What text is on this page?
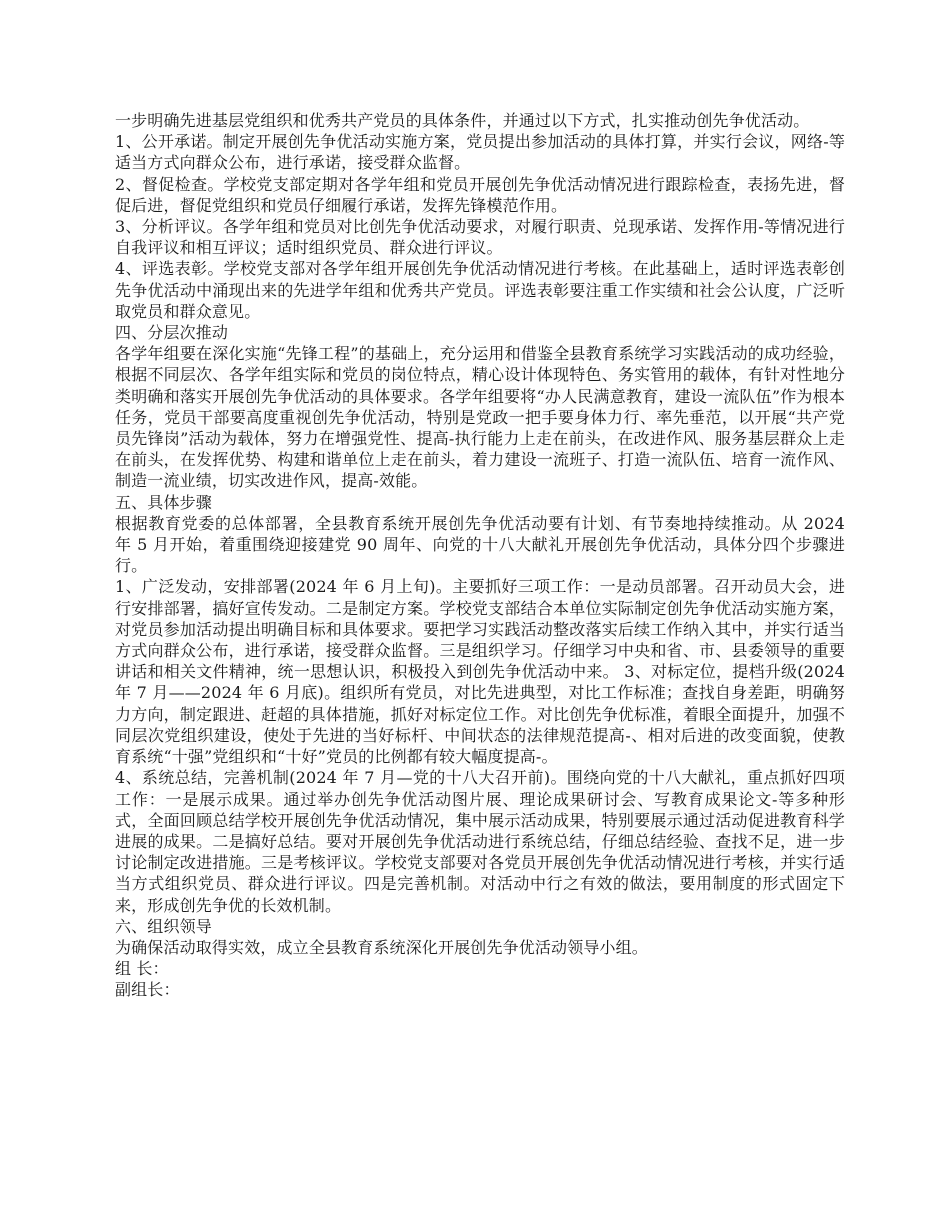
一步明确先进基层党组织和优秀共产党员的具体条件，并通过以下方式，扎实推动创先争优活动。

1、公开承诺。制定开展创先争优活动实施方案，党员提出参加活动的具体打算，并实行会议，网络-等适当方式向群众公布，进行承诺，接受群众监督。

2、督促检查。学校党支部定期对各学年组和党员开展创先争优活动情况进行跟踪检查，表扬先进，督促后进，督促党组织和党员仔细履行承诺，发挥先锋模范作用。

3、分析评议。各学年组和党员对比创先争优活动要求，对履行职责、兑现承诺、发挥作用-等情况进行自我评议和相互评议；适时组织党员、群众进行评议。

4、评选表彰。学校党支部对各学年组开展创先争优活动情况进行考核。在此基础上，适时评选表彰创先争优活动中涌现出来的先进学年组和优秀共产党员。评选表彰要注重工作实绩和社会公认度，广泛听取党员和群众意见。

四、分层次推动

各学年组要在深化实施“先锋工程”的基础上，充分运用和借鉴全县教育系统学习实践活动的成功经验，根据不同层次、各学年组实际和党员的岗位特点，精心设计体现特色、务实管用的载体，有针对性地分类明确和落实开展创先争优活动的具体要求。各学年组要将“办人民满意教育，建设一流队伍”作为根本任务，党员干部要高度重视创先争优活动，特别是党政一把手要身体力行、率先垂范，以开展“共产党员先锋岗”活动为载体，努力在增强党性、提高-执行能力上走在前头，在改进作风、服务基层群众上走在前头，在发挥优势、构建和谐单位上走在前头，着力建设一流班子、打造一流队伍、培育一流作风、制造一流业绩，切实改进作风，提高-效能。

五、具体步骤

根据教育党委的总体部署，全县教育系统开展创先争优活动要有计划、有节奏地持续推动。从 2024 年 5 月开始，着重围绕迎接建党 90 周年、向党的十八大献礼开展创先争优活动，具体分四个步骤进行。

1、广泛发动，安排部署(2024 年 6 月上旬)。主要抓好三项工作：一是动员部署。召开动员大会，进行安排部署，搞好宣传发动。二是制定方案。学校党支部结合本单位实际制定创先争优活动实施方案，对党员参加活动提出明确目标和具体要求。要把学习实践活动整改落实后续工作纳入其中，并实行适当方式向群众公布，进行承诺，接受群众监督。三是组织学习。仔细学习中央和省、市、县委领导的重要讲话和相关文件精神，统一思想认识，积极投入到创先争优活动中来。 3、对标定位，提档升级(2024 年 7 月——2024 年 6 月底)。组织所有党员，对比先进典型，对比工作标准；查找自身差距，明确努力方向，制定跟进、赶超的具体措施，抓好对标定位工作。对比创先争优标准，着眼全面提升，加强不同层次党组织建设，使处于先进的当好标杆、中间状态的法律规范提高-、相对后进的改变面貌，使教育系统“十强”党组织和“十好”党员的比例都有较大幅度提高-。

4、系统总结，完善机制(2024 年 7 月—党的十八大召开前)。围绕向党的十八大献礼，重点抓好四项工作：一是展示成果。通过举办创先争优活动图片展、理论成果研讨会、写教育成果论文-等多种形式，全面回顾总结学校开展创先争优活动情况，集中展示活动成果，特别要展示通过活动促进教育科学进展的成果。二是搞好总结。要对开展创先争优活动进行系统总结，仔细总结经验、查找不足，进一步讨论制定改进措施。三是考核评议。学校党支部要对各党员开展创先争优活动情况进行考核，并实行适当方式组织党员、群众进行评议。四是完善机制。对活动中行之有效的做法，要用制度的形式固定下来，形成创先争优的长效机制。

六、组织领导

为确保活动取得实效，成立全县教育系统深化开展创先争优活动领导小组。

组 长：

副组长：
